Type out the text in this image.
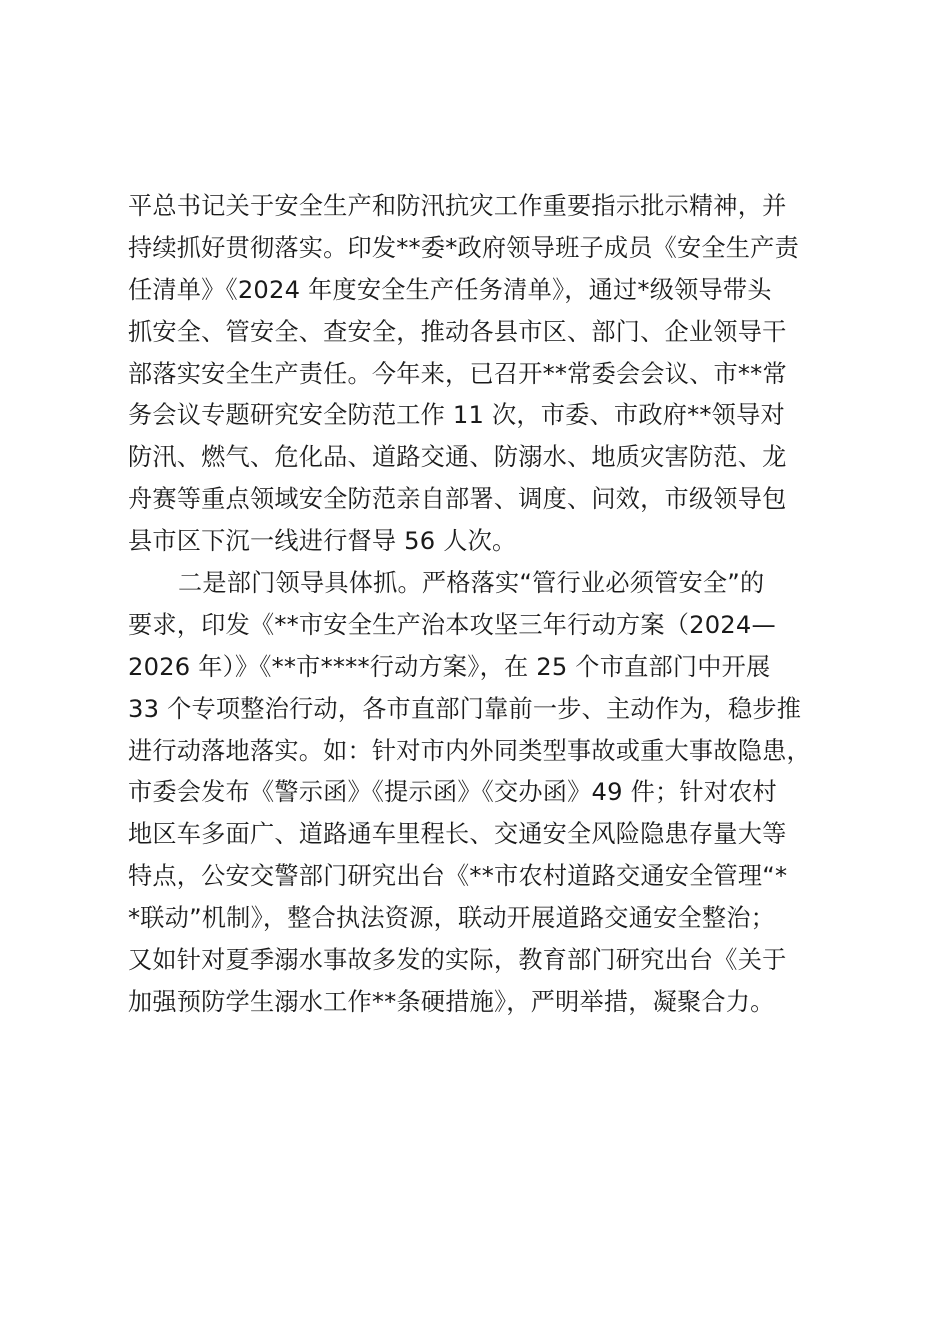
平总书记关于安全生产和防汛抗灾工作重要指示批示精神，并
持续抓好贯彻落实。印发**委*政府领导班子成员《安全生产责
任清单》《2024 年度安全生产任务清单》，通过*级领导带头
抓安全、管安全、查安全，推动各县市区、部门、企业领导干
部落实安全生产责任。今年来，已召开**常委会会议、市**常
务会议专题研究安全防范工作 11 次，市委、市政府**领导对
防汛、燃气、危化品、道路交通、防溺水、地质灾害防范、龙
舟赛等重点领域安全防范亲自部署、调度、问效，市级领导包
县市区下沉一线进行督导 56 人次。
二是部门领导具体抓。严格落实“管行业必须管安全”的
要求，印发《**市安全生产治本攻坚三年行动方案（2024—
2026 年）》《**市****行动方案》，在 25 个市直部门中开展
33 个专项整治行动，各市直部门靠前一步、主动作为，稳步推
进行动落地落实。如：针对市内外同类型事故或重大事故隐患，
市委会发布《警示函》《提示函》《交办函》49 件；针对农村
地区车多面广、道路通车里程长、交通安全风险隐患存量大等
特点，公安交警部门研究出台《**市农村道路交通安全管理“*
*联动”机制》，整合执法资源，联动开展道路交通安全整治；
又如针对夏季溺水事故多发的实际，教育部门研究出台《关于
加强预防学生溺水工作**条硬措施》，严明举措，凝聚合力。
